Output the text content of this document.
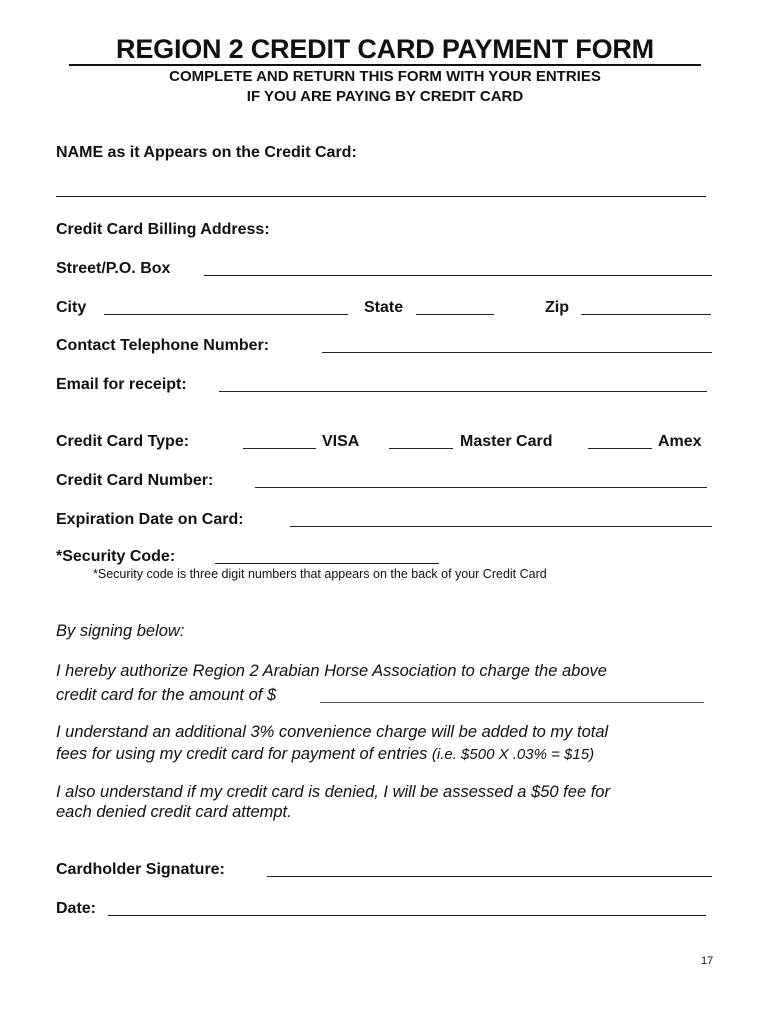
REGION 2 CREDIT CARD PAYMENT FORM
COMPLETE AND RETURN THIS FORM WITH YOUR ENTRIES
IF YOU ARE PAYING BY CREDIT CARD
NAME as it Appears on the Credit Card:
Credit Card Billing Address:
Street/P.O. Box
City	State	Zip
Contact Telephone Number:
Email for receipt:
Credit Card Type:	VISA	Master Card	Amex
Credit Card Number:
Expiration Date on Card:
*Security Code:
*Security code is three digit numbers that appears on the back of your Credit Card
By signing below:
I hereby authorize Region 2 Arabian Horse Association to charge the above
credit card for the amount of $
I understand an additional 3% convenience charge will be added to my total
fees for using my credit card for payment of entries (i.e. $500 X .03% = $15)
I also understand if my credit card is denied, I will be assessed a $50 fee for
each denied credit card attempt.
Cardholder Signature:
Date:
17
